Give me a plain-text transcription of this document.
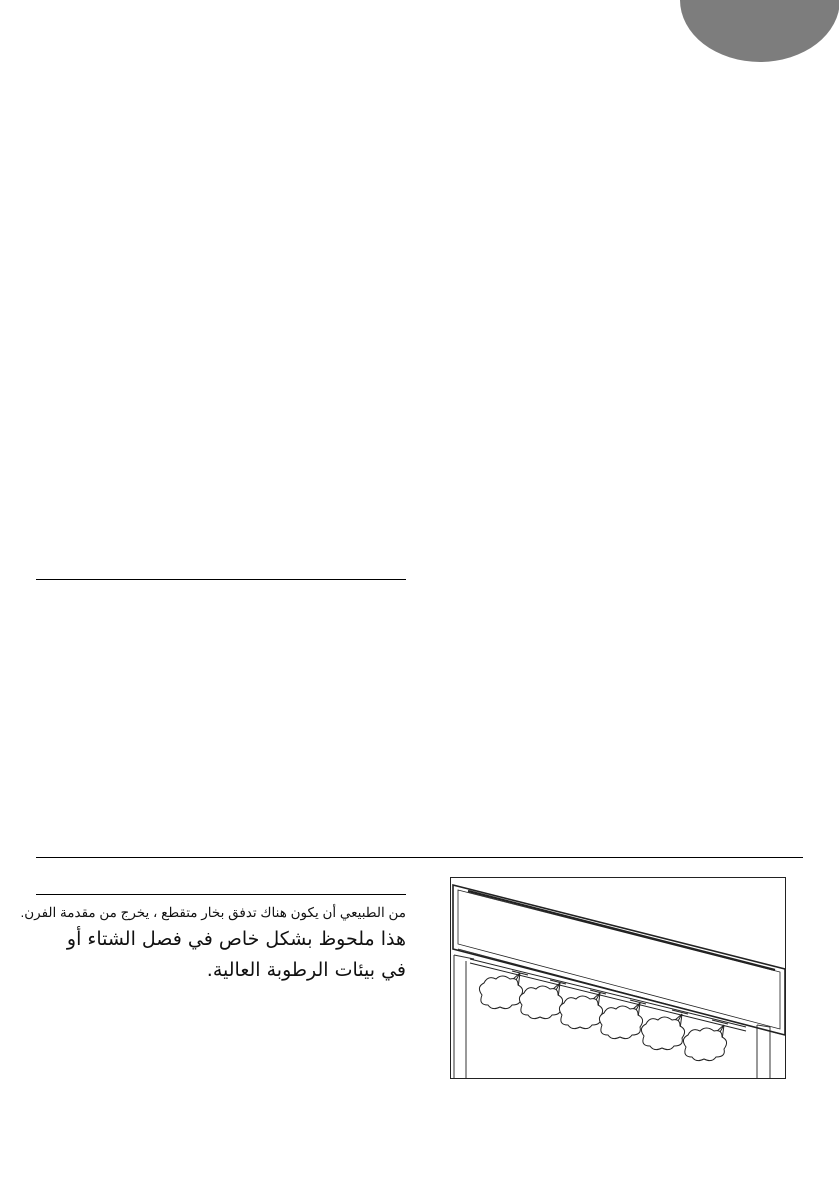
من الطبيعي أن يكون هناك تدفق بخار متقطع ، يخرج من مقدمة الفرن.

هذا ملحوظ بشكل خاص في فصل الشتاء أو في بيئات الرطوبة العالية.
